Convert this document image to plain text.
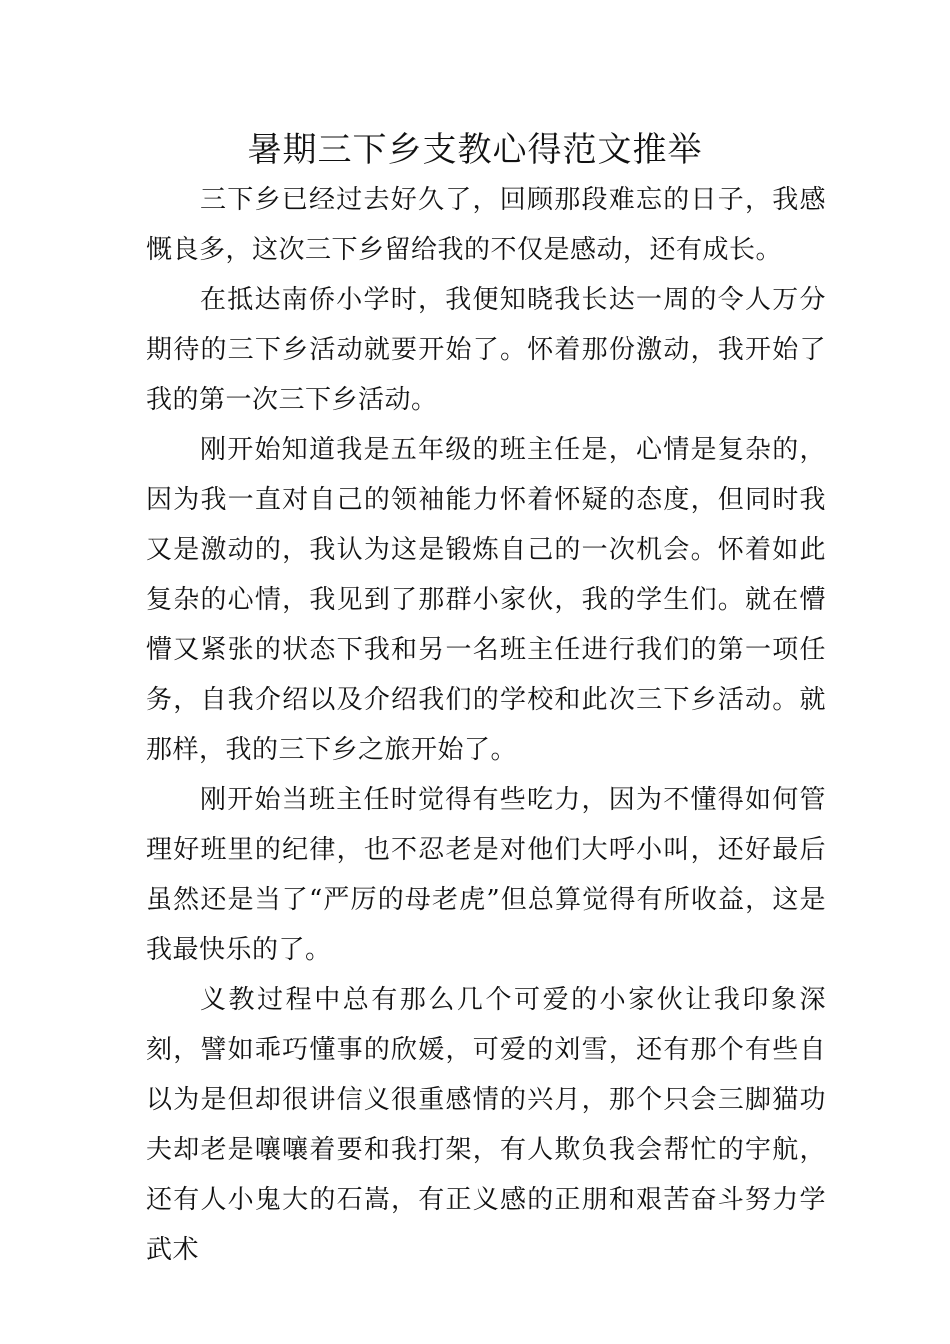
暑期三下乡支教心得范文推举

三下乡已经过去好久了，回顾那段难忘的日子，我感慨良多，这次三下乡留给我的不仅是感动，还有成长。

在抵达南侨小学时，我便知晓我长达一周的令人万分期待的三下乡活动就要开始了。怀着那份激动，我开始了我的第一次三下乡活动。

刚开始知道我是五年级的班主任是，心情是复杂的，因为我一直对自己的领袖能力怀着怀疑的态度，但同时我又是激动的，我认为这是锻炼自己的一次机会。怀着如此复杂的心情，我见到了那群小家伙，我的学生们。就在懵懵又紧张的状态下我和另一名班主任进行我们的第一项任务，自我介绍以及介绍我们的学校和此次三下乡活动。就那样，我的三下乡之旅开始了。

刚开始当班主任时觉得有些吃力，因为不懂得如何管理好班里的纪律，也不忍老是对他们大呼小叫，还好最后虽然还是当了“严厉的母老虎”但总算觉得有所收益，这是我最快乐的了。

义教过程中总有那么几个可爱的小家伙让我印象深刻，譬如乖巧懂事的欣媛，可爱的刘雪，还有那个有些自以为是但却很讲信义很重感情的兴月，那个只会三脚猫功夫却老是嚷嚷着要和我打架，有人欺负我会帮忙的宇航，还有人小鬼大的石嵩，有正义感的正朋和艰苦奋斗努力学武术
